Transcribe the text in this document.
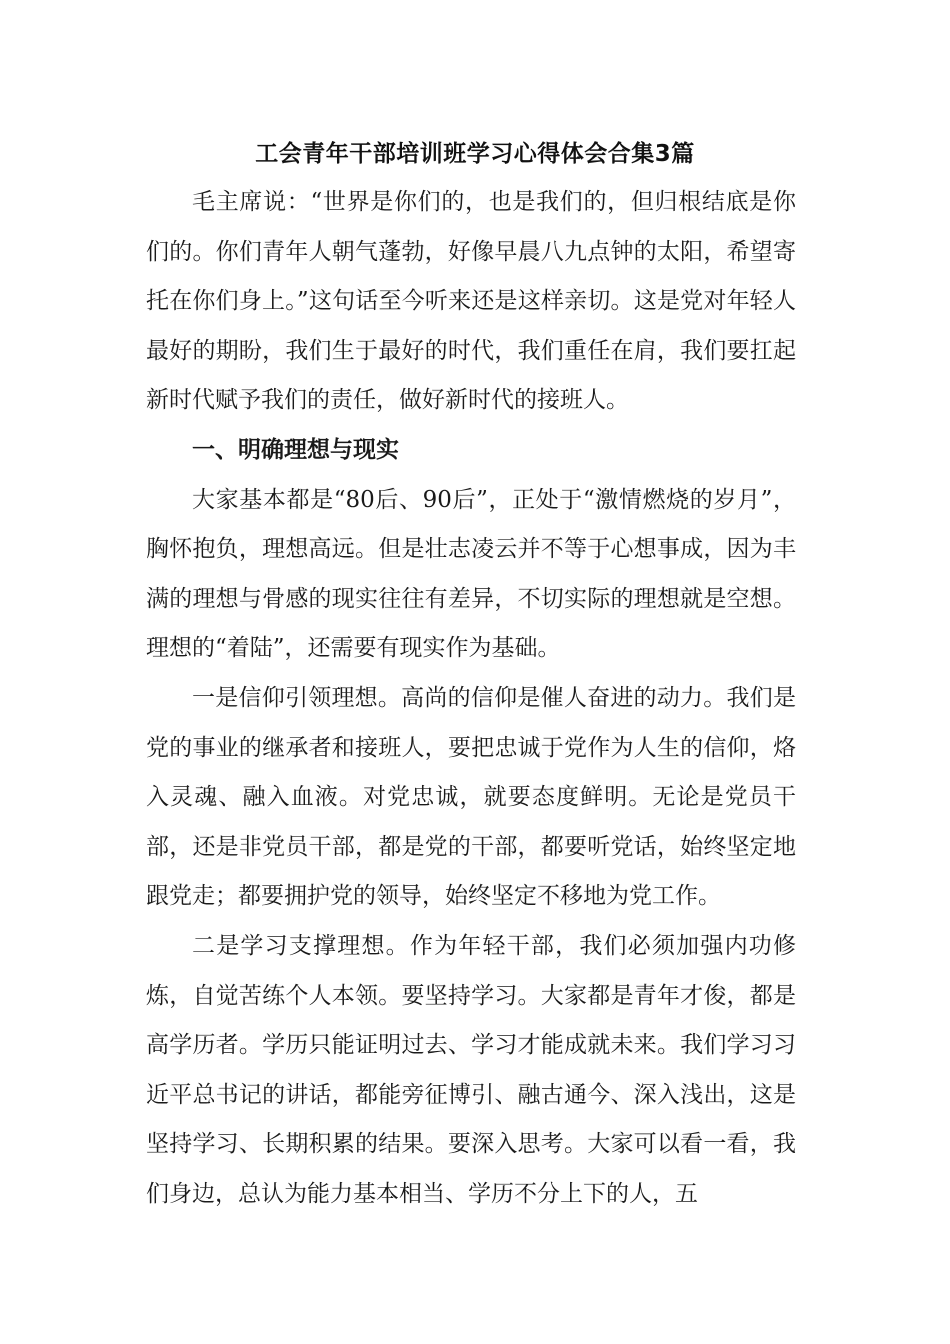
工会青年干部培训班学习心得体会合集3篇

毛主席说：“世界是你们的，也是我们的，但归根结底是你们的。你们青年人朝气蓬勃，好像早晨八九点钟的太阳，希望寄托在你们身上。”这句话至今听来还是这样亲切。这是党对年轻人最好的期盼，我们生于最好的时代，我们重任在肩，我们要扛起新时代赋予我们的责任，做好新时代的接班人。

一、明确理想与现实

大家基本都是“80后、90后”，正处于“激情燃烧的岁月”，胸怀抱负，理想高远。但是壮志凌云并不等于心想事成，因为丰满的理想与骨感的现实往往有差异，不切实际的理想就是空想。理想的“着陆”，还需要有现实作为基础。

一是信仰引领理想。高尚的信仰是催人奋进的动力。我们是党的事业的继承者和接班人，要把忠诚于党作为人生的信仰，烙入灵魂、融入血液。对党忠诚，就要态度鲜明。无论是党员干部，还是非党员干部，都是党的干部，都要听党话，始终坚定地跟党走；都要拥护党的领导，始终坚定不移地为党工作。

二是学习支撑理想。作为年轻干部，我们必须加强内功修炼，自觉苦练个人本领。要坚持学习。大家都是青年才俊，都是高学历者。学历只能证明过去、学习才能成就未来。我们学习习近平总书记的讲话，都能旁征博引、融古通今、深入浅出，这是坚持学习、长期积累的结果。要深入思考。大家可以看一看，我们身边，总认为能力基本相当、学历不分上下的人，五
